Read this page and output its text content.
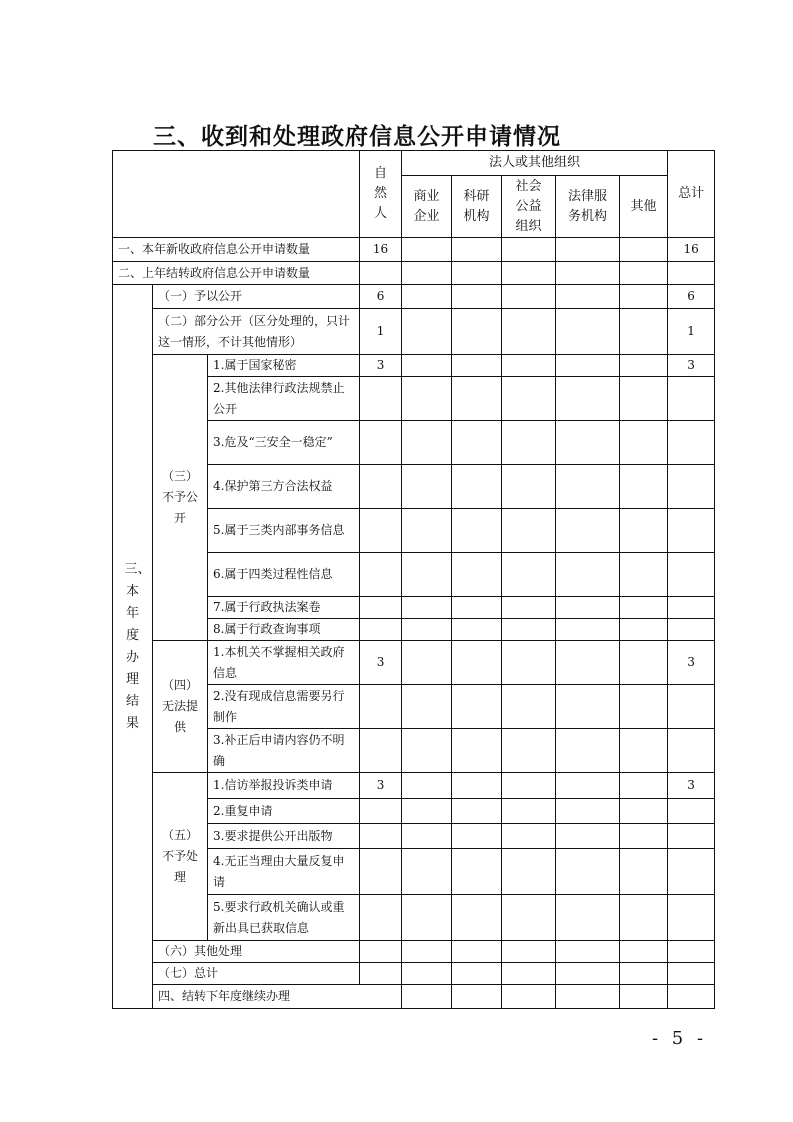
三、收到和处理政府信息公开申请情况

			自然人	法人或其他组织					总计	

				商业企业	科研机构	社会公益组织	法律服务机构	其他		
一、本年新收政府信息公开申请数量			16						16	
二、上年结转政府信息公开申请数量										

三、本年度办理结果	（一）予以公开		6						6	
	（二）部分公开（区分处理的，只计这一情形，不计其他情形）		1						1	

	（三）不予公开	1.属于国家秘密	3						3	
		2.其他法律行政法规禁止公开								
		3.危及“三安全一稳定”								
		4.保护第三方合法权益								
		5.属于三类内部事务信息								
		6.属于四类过程性信息								
		7.属于行政执法案卷								
		8.属于行政查询事项								

	（四）无法提供	1.本机关不掌握相关政府信息	3						3	
		2.没有现成信息需要另行制作								
		3.补正后申请内容仍不明确								

	（五）不予处理	1.信访举报投诉类申请	3						3	
		2.重复申请								
		3.要求提供公开出版物								
		4.无正当理由大量反复申请								
		5.要求行政机关确认或重新出具已获取信息								
	（六）其他处理									
	（七）总计									
	四、结转下年度继续办理									
- 5 -
